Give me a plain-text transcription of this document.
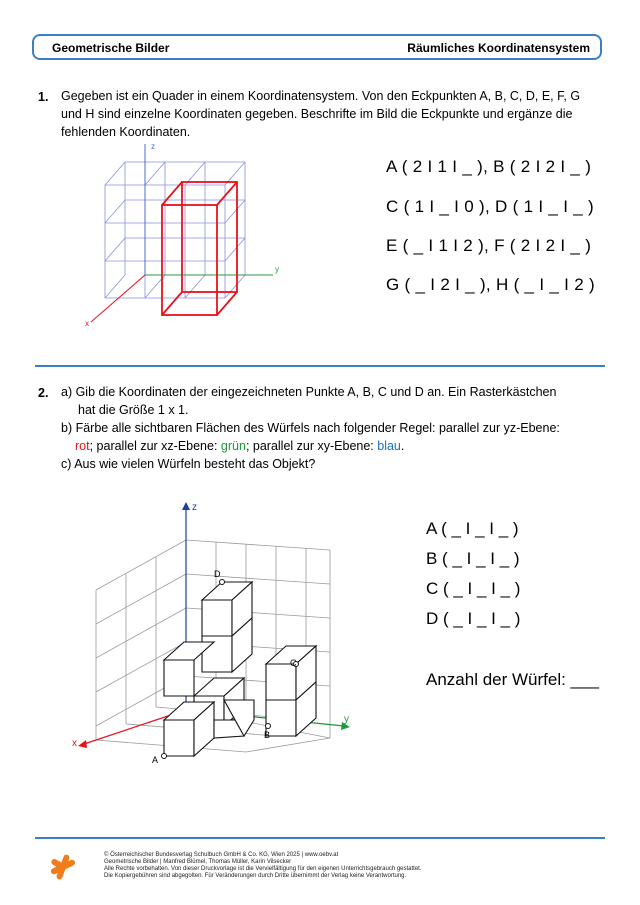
Geometrische Bilder	Räumliches Koordinatensystem
1. Gegeben ist ein Quader in einem Koordinatensystem. Von den Eckpunkten A, B, C, D, E, F, G
und H sind einzelne Koordinaten gegeben. Beschrifte im Bild die Eckpunkte und ergänze die
fehlenden Koordinaten.
z
y
x
A ( 2 I 1 I _ ), B ( 2 I 2 I _ )
C ( 1 I _ I 0 ), D ( 1 I _ I _ )
E ( _ I 1 I 2 ), F ( 2 I 2 I _ )
G ( _ I 2 I _ ), H ( _ I _ I 2 )
2. a) Gib die Koordinaten der eingezeichneten Punkte A, B, C und D an. Ein Rasterkästchen
hat die Größe 1 x 1.
b) Färbe alle sichtbaren Flächen des Würfels nach folgender Regel: parallel zur yz-Ebene:
rot; parallel zur xz-Ebene: grün; parallel zur xy-Ebene: blau.
c) Aus wie vielen Würfeln besteht das Objekt?
z
y
x
D
C
B
A
A ( _ I _ I _ )
B ( _ I _ I _ )
C ( _ I _ I _ )
D ( _ I _ I _ )
Anzahl der Würfel: ___
© Österreichischer Bundesverlag Schulbuch GmbH & Co. KG, Wien 2025 | www.oebv.at
Geometrische Bilder | Manfred Blümel, Thomas Müller, Karin Vilsecker
Alle Rechte vorbehalten. Von dieser Druckvorlage ist die Vervielfältigung für den eigenen Unterrichtsgebrauch gestattet.
Die Kopiergebühren sind abgegolten. Für Veränderungen durch Dritte übernimmt der Verlag keine Verantwortung.
